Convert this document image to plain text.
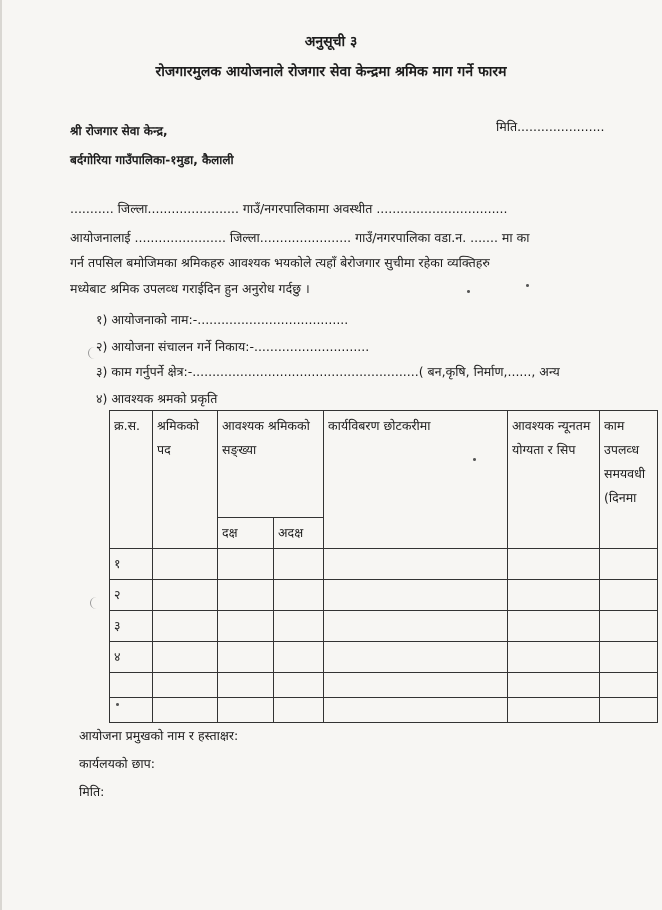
अनुसूची ३
रोजगारमुलक आयोजनाले रोजगार सेवा केन्द्रमा श्रमिक माग गर्ने फारम
श्री रोजगार सेवा केन्द्र,	मिति......................
बर्दगोरिया गाउँपालिका-१मुडा, कैलाली
........... जिल्ला....................... गाउँ/नगरपालिकामा अवस्थीत .................................
आयोजनालाई ....................... जिल्ला....................... गाउँ/नगरपालिका वडा.न. ....... मा का
गर्न तपसिल बमोजिमका श्रमिकहरु आवश्यक भयकोले त्यहाँ बेरोजगार सुचीमा रहेका व्यक्तिहरु
मध्येबाट श्रमिक उपलव्ध गराईदिन हुन अनुरोध गर्दछु ।
१) आयोजनाको नाम:-......................................
२) आयोजना संचालन गर्ने निकाय:-.............................
३) काम गर्नुपर्ने क्षेत्र:-.........................................................( बन,कृषि, निर्माण,......, अन्य
४) आवश्यक श्रमको प्रकृति
क्र.स.	श्रमिकको पद	आवश्यक श्रमिकको सङ्ख्या		कार्यविबरण छोटकरीमा	आवश्यक न्यूनतम योग्यता र सिप	काम उपलव्ध समयवधी (दिनमा
		दक्ष	अदक्ष			
१						
२						
३						
४						

आयोजना प्रमुखको नाम र हस्ताक्षर:
कार्यलयको छाप:
मिति:
